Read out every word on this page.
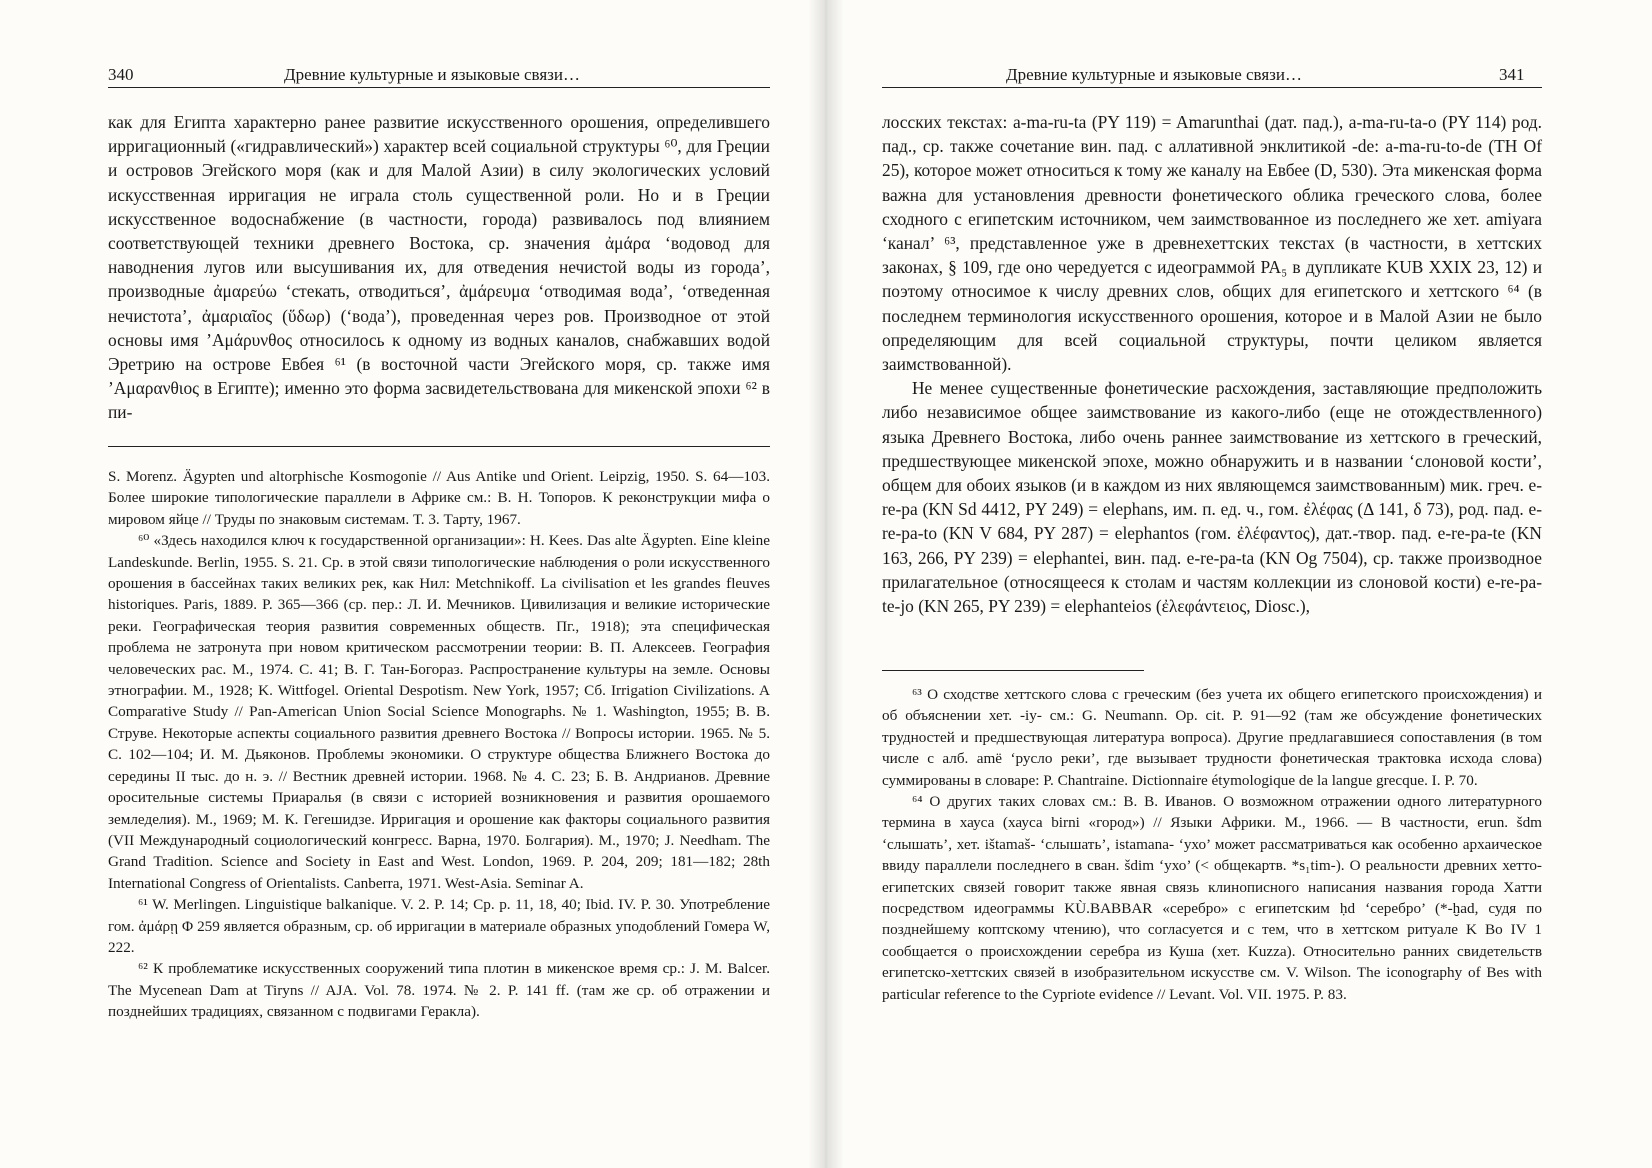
340	Древние культурные и языковые связи…

как для Египта характерно ранее развитие искусственного орошения, определившего ирригационный («гидравлический») характер всей социальной структуры ⁶⁰, для Греции и островов Эгейского моря (как и для Малой Азии) в силу экологических условий искусственная ирригация не играла столь существенной роли. Но и в Греции искусственное водоснабжение (в частности, города) развивалось под влиянием соответствующей техники древнего Востока, ср. значения ἀμάρα ‘водовод для наводнения лугов или высушивания их, для отведения нечистой воды из города’, производные ἀμαρεύω ‘стекать, отводиться’, ἀμάρευμα ‘отводимая вода’, ‘отведенная нечистота’, ἀμαριαῖος (ὕδωρ) (‘вода’), проведенная через ров. Производное от этой основы имя ’Αμάρυνθος относилось к одному из водных каналов, снабжавших водой Эретрию на острове Евбея ⁶¹ (в восточной части Эгейского моря, ср. также имя ’Αμαρανθιος в Египте); именно это форма засвидетельствована для микенской эпохи ⁶² в пи-

S. Morenz. Ägypten und altorphische Kosmogonie // Aus Antike und Orient. Leipzig, 1950. S. 64—103. Более широкие типологические параллели в Африке см.: В. Н. Топоров. К реконструкции мифа о мировом яйце // Труды по знаковым системам. Т. 3. Тарту, 1967.

⁶⁰ «Здесь находился ключ к государственной организации»: H. Kees. Das alte Ägypten. Eine kleine Landeskunde. Berlin, 1955. S. 21. Ср. в этой связи типологические наблюдения о роли искусственного орошения в бассейнах таких великих рек, как Нил: Metchnikoff. La civilisation et les grandes fleuves historiques. Paris, 1889. P. 365—366 (ср. пер.: Л. И. Мечников. Цивилизация и великие исторические реки. Географическая теория развития современных обществ. Пг., 1918); эта специфическая проблема не затронута при новом критическом рассмотрении теории: В. П. Алексеев. География человеческих рас. М., 1974. С. 41; В. Г. Тан-Богораз. Распространение культуры на земле. Основы этнографии. М., 1928; K. Wittfogel. Oriental Despotism. New York, 1957; Сб. Irrigation Civilizations. A Comparative Study // Pan-American Union Social Science Monographs. № 1. Washington, 1955; В. В. Струве. Некоторые аспекты социального развития древнего Востока // Вопросы истории. 1965. № 5. С. 102—104; И. М. Дьяконов. Проблемы экономики. О структуре общества Ближнего Востока до середины II тыс. до н. э. // Вестник древней истории. 1968. № 4. С. 23; Б. В. Андрианов. Древние оросительные системы Приаралья (в связи с историей возникновения и развития орошаемого земледелия). М., 1969; М. К. Гегешидзе. Ирригация и орошение как факторы социального развития (VII Международный социологический конгресс. Варна, 1970. Болгария). М., 1970; J. Needham. The Grand Tradition. Science and Society in East and West. London, 1969. P. 204, 209; 181—182; 28th International Congress of Orientalists. Canberra, 1971. West-Asia. Seminar A.

⁶¹ W. Merlingen. Linguistique balkanique. V. 2. P. 14; Ср. p. 11, 18, 40; Ibid. IV. P. 30. Употребление гом. ἀμάρῃ Φ 259 является образным, ср. об ирригации в материале образных уподоблений Гомера W, 222.

⁶² К проблематике искусственных сооружений типа плотин в микенское время ср.: J. M. Balcer. The Mycenean Dam at Tiryns // AJA. Vol. 78. 1974. № 2. P. 141 ff. (там же ср. об отражении и позднейших традициях, связанном с подвигами Геракла).

Древние культурные и языковые связи…	341

лосских текстах: a-ma-ru-ta (PY 119) = Amarunthai (дат. пад.), a-ma-ru-ta-o (PY 114) род. пад., ср. также сочетание вин. пад. с аллативной энклитикой -de: a-ma-ru-to-de (TH Of 25), которое может относиться к тому же каналу на Евбее (D, 530). Эта микенская форма важна для установления древности фонетического облика греческого слова, более сходного с египетским источником, чем заимствованное из последнего же хет. amiyara ‘канал’ ⁶³, представленное уже в древнехеттских текстах (в частности, в хеттских законах, § 109, где оно чередуется с идеограммой PA₅ в дупликате KUB XXIX 23, 12) и поэтому относимое к числу древних слов, общих для египетского и хеттского ⁶⁴ (в последнем терминология искусственного орошения, которое и в Малой Азии не было определяющим для всей социальной структуры, почти целиком является заимствованной).

Не менее существенные фонетические расхождения, заставляющие предположить либо независимое общее заимствование из какого-либо (еще не отождествленного) языка Древнего Востока, либо очень раннее заимствование из хеттского в греческий, предшествующее микенской эпохе, можно обнаружить и в названии ‘слоновой кости’, общем для обоих языков (и в каждом из них являющемся заимствованным) мик. греч. e-re-pa (KN Sd 4412, PY 249) = elephans, им. п. ед. ч., гом. ἐλέφας (Δ 141, δ 73), род. пад. e-re-pa-to (KN V 684, PY 287) = elephantos (гом. ἐλέφαντος), дат.-твор. пад. e-re-pa-te (KN 163, 266, PY 239) = elephantei, вин. пад. e-re-pa-ta (KN Og 7504), ср. также производное прилагательное (относящееся к столам и частям коллекции из слоновой кости) e-re-pa-te-jo (KN 265, PY 239) = elephanteios (ἐλεφάντειος, Diosc.),

⁶³ О сходстве хеттского слова с греческим (без учета их общего египетского происхождения) и об объяснении хет. -iy- см.: G. Neumann. Op. cit. P. 91—92 (там же обсуждение фонетических трудностей и предшествующая литература вопроса). Другие предлагавшиеся сопоставления (в том числе с алб. amë ‘русло реки’, где вызывает трудности фонетическая трактовка исхода слова) суммированы в словаре: P. Chantraine. Dictionnaire étymologique de la langue grecque. I. P. 70.

⁶⁴ О других таких словах см.: В. В. Иванов. О возможном отражении одного литературного термина в хауса (хауса birni «город») // Языки Африки. М., 1966. — В частности, erun. šdm ‘слышать’, хет. ištamaš- ‘слышать’, istamana- ‘ухо’ может рассматриваться как особенно архаическое ввиду параллели последнего в сван. šdim ‘ухо’ (< общекартв. *s₁tim-). О реальности древних хетто-египетских связей говорит также явная связь клинописного написания названия города Хатти посредством идеограммы KÙ.BABBAR «серебро» с египетским ḥd ‘серебро’ (*-ḫad, судя по позднейшему коптскому чтению), что согласуется и с тем, что в хеттском ритуале K Bo IV 1 сообщается о происхождении серебра из Куша (хет. Kuzza). Относительно ранних свидетельств египетско-хеттских связей в изобразительном искусстве см. V. Wilson. The iconography of Bes with particular reference to the Cypriote evidence // Levant. Vol. VII. 1975. P. 83.
